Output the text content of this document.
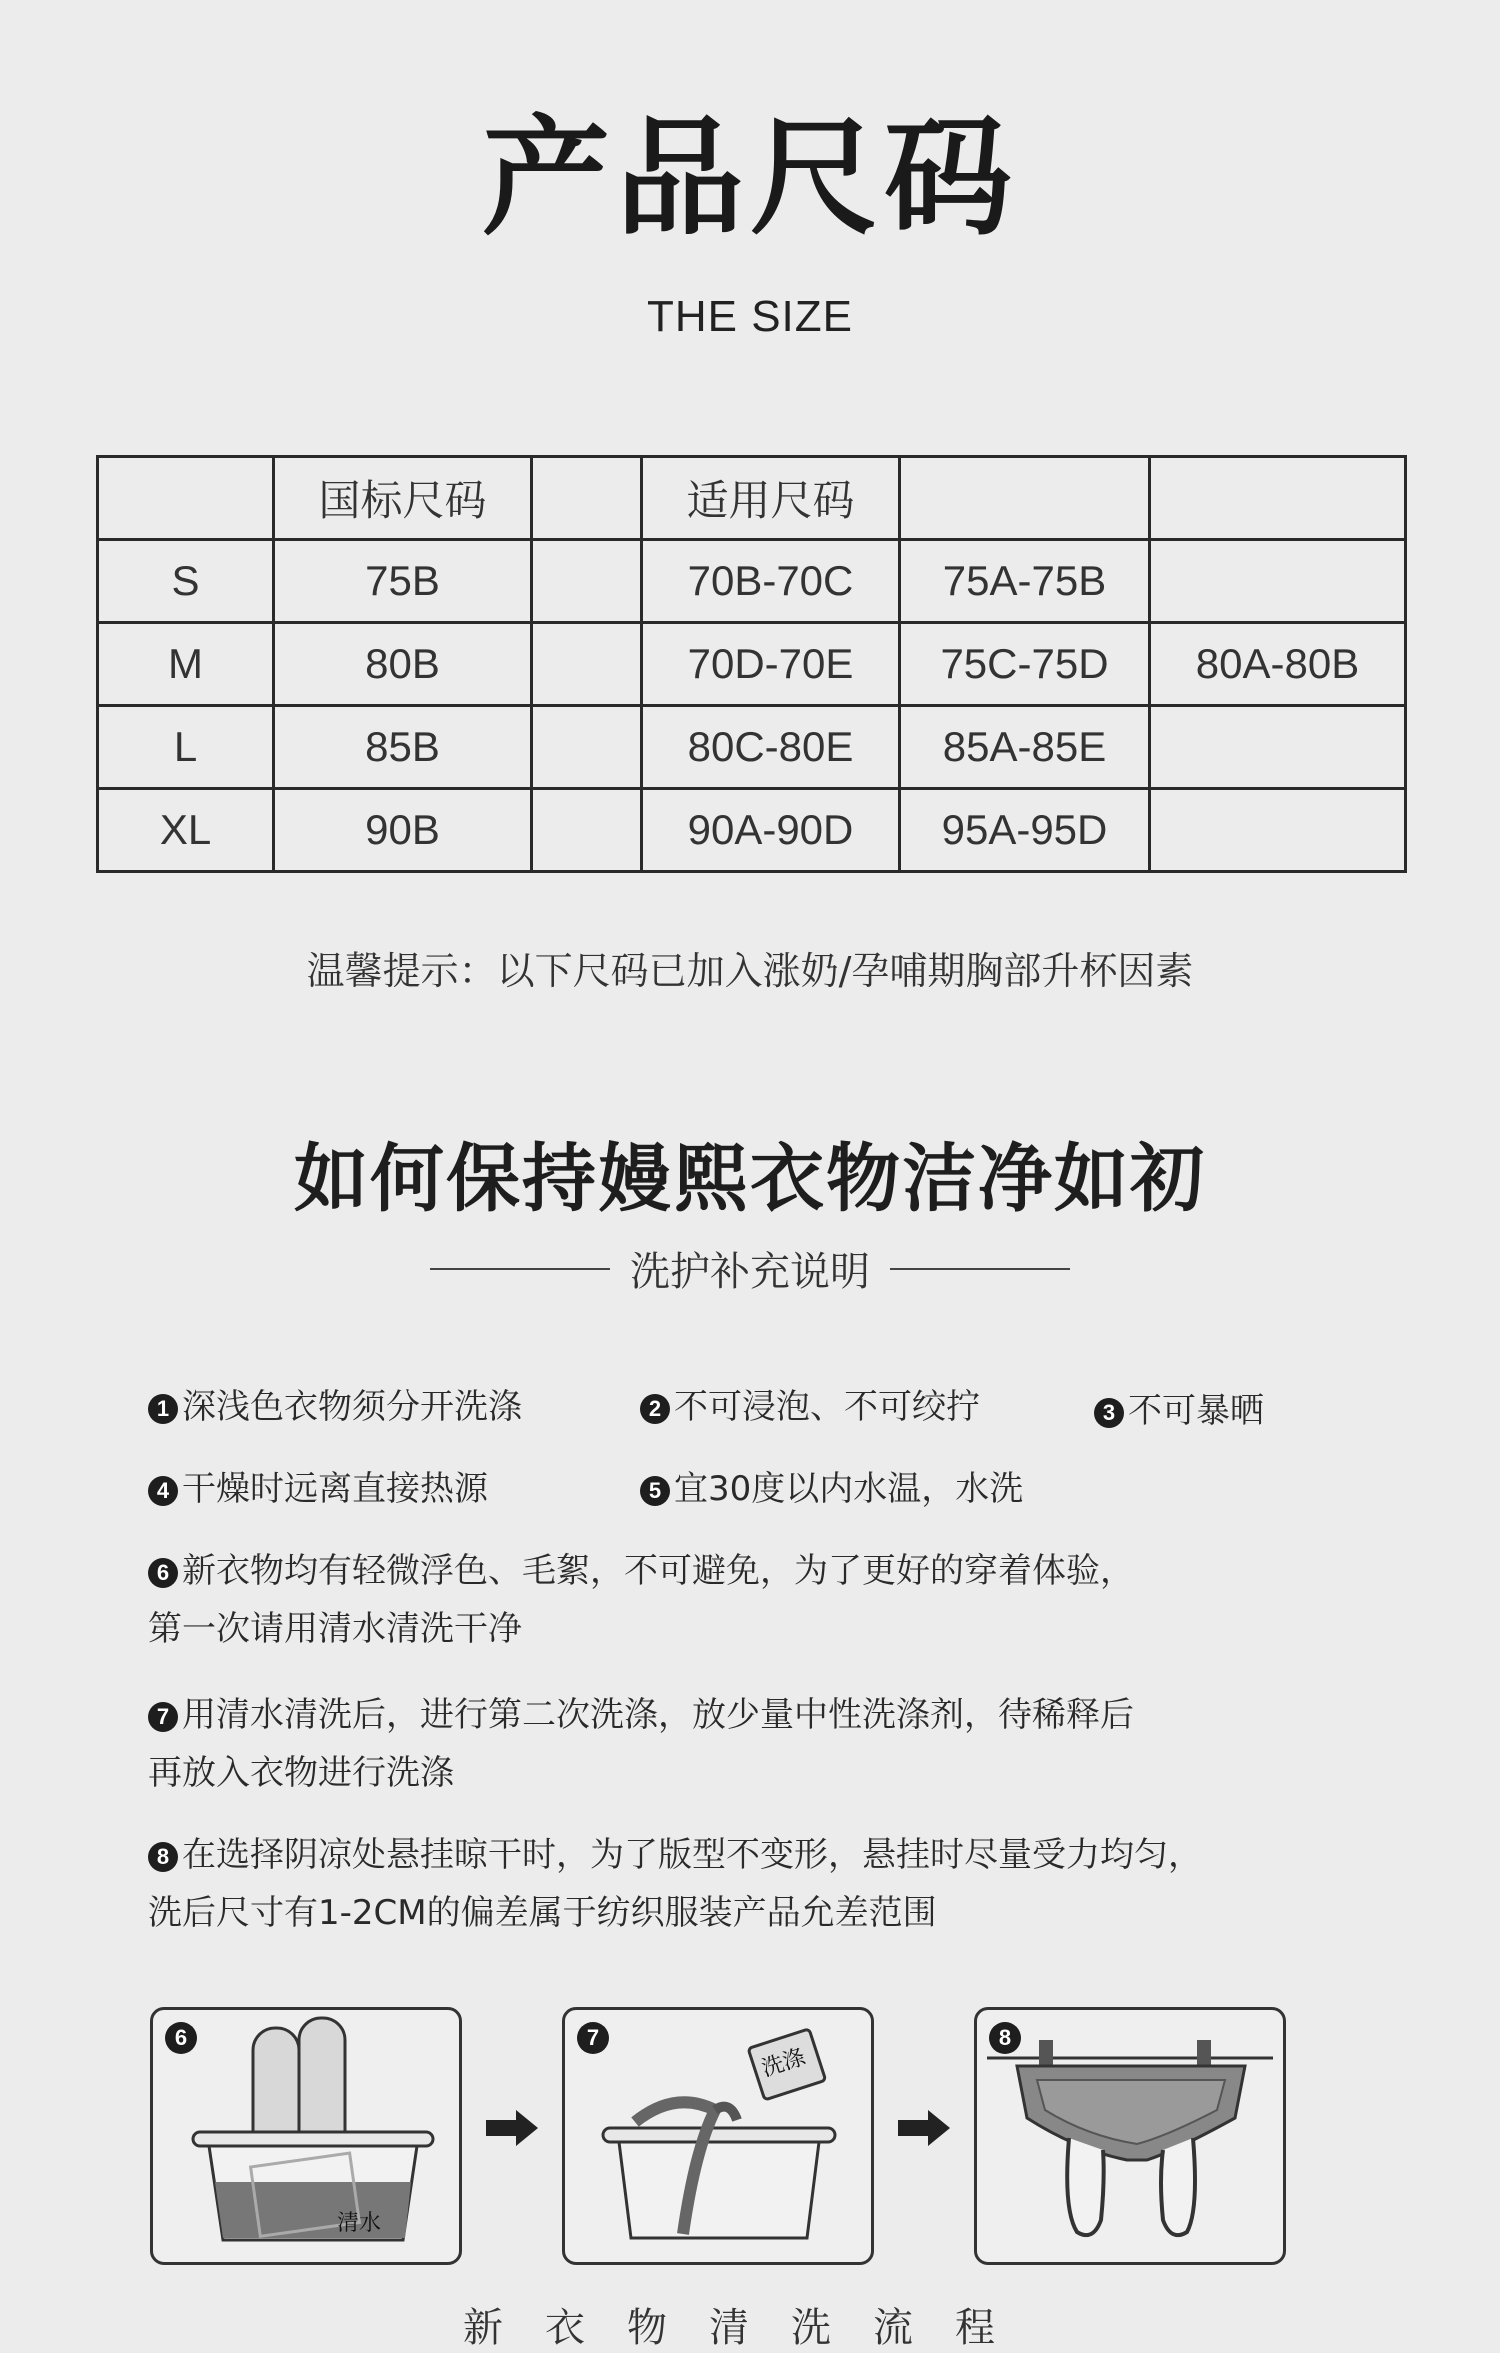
产品尺码
THE SIZE
	国标尺码		适用尺码		
S	75B		70B-70C	75A-75B	
M	80B		70D-70E	75C-75D	80A-80B
L	85B		80C-80E	85A-85E	
XL	90B		90A-90D	95A-95D	
温馨提示：以下尺码已加入涨奶/孕哺期胸部升杯因素
如何保持嫚熙衣物洁净如初
洗护补充说明
1 深浅色衣物须分开洗涤	2 不可浸泡、不可绞拧	3 不可暴晒
4 干燥时远离直接热源	5 宜30度以内水温，水洗
6 新衣物均有轻微浮色、毛絮，不可避免，为了更好的穿着体验，
第一次请用清水清洗干净
7 用清水清洗后，进行第二次洗涤，放少量中性洗涤剂，待稀释后
再放入衣物进行洗涤
8 在选择阴凉处悬挂晾干时，为了版型不变形，悬挂时尽量受力均匀，
洗后尺寸有1-2CM的偏差属于纺织服装产品允差范围
6
清水
7
洗涤
8
新衣物清洗流程
